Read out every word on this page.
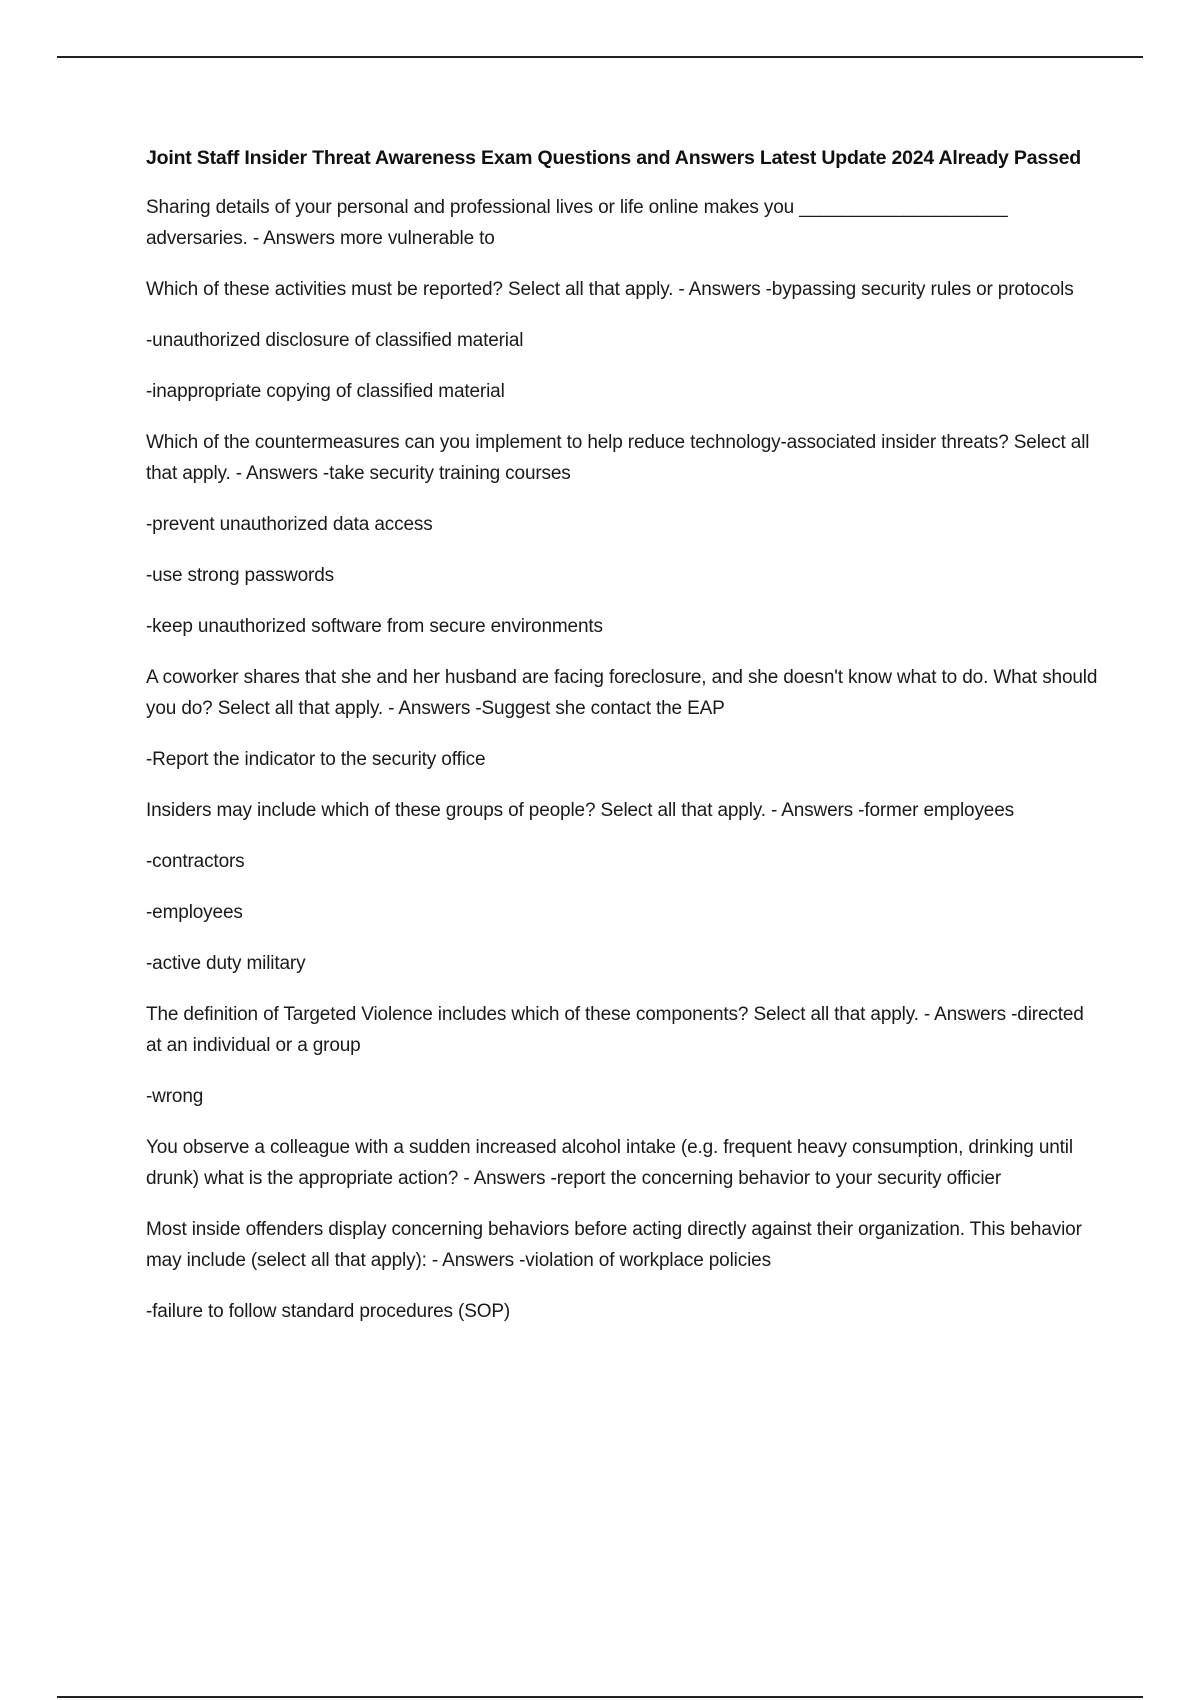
Joint Staff Insider Threat Awareness Exam Questions and Answers Latest Update 2024 Already Passed

Sharing details of your personal and professional lives or life online makes you ____________________ adversaries. - Answers more vulnerable to

Which of these activities must be reported? Select all that apply. - Answers -bypassing security rules or protocols

-unauthorized disclosure of classified material

-inappropriate copying of classified material

Which of the countermeasures can you implement to help reduce technology-associated insider threats? Select all that apply. - Answers -take security training courses

-prevent unauthorized data access

-use strong passwords

-keep unauthorized software from secure environments

A coworker shares that she and her husband are facing foreclosure, and she doesn't know what to do. What should you do? Select all that apply. - Answers -Suggest she contact the EAP

-Report the indicator to the security office

Insiders may include which of these groups of people? Select all that apply. - Answers -former employees

-contractors

-employees

-active duty military

The definition of Targeted Violence includes which of these components? Select all that apply. - Answers -directed at an individual or a group

-wrong

You observe a colleague with a sudden increased alcohol intake (e.g. frequent heavy consumption, drinking until drunk) what is the appropriate action? - Answers -report the concerning behavior to your security officier

Most inside offenders display concerning behaviors before acting directly against their organization. This behavior may include (select all that apply): - Answers -violation of workplace policies

-failure to follow standard procedures (SOP)
